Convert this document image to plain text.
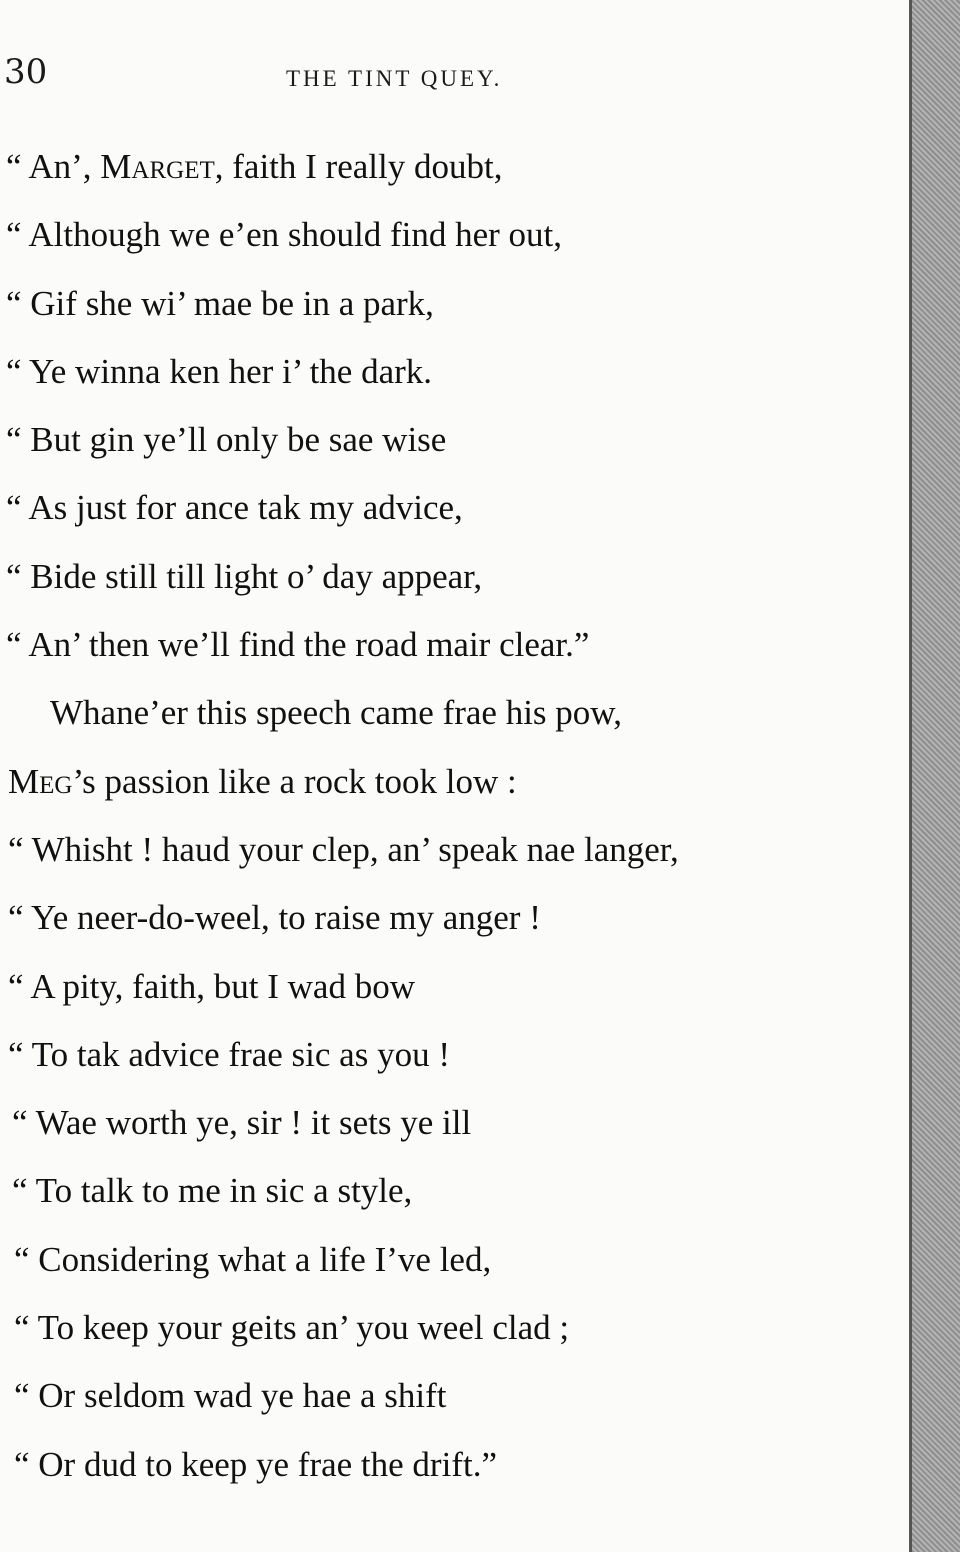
30	THE TINT QUEY.
“ An’, Marget, faith I really doubt,
“ Although we e’en should find her out,
“ Gif she wi’ mae be in a park,
“ Ye winna ken her i’ the dark.
“ But gin ye’ll only be sae wise
“ As just for ance tak my advice,
“ Bide still till light o’ day appear,
“ An’ then we’ll find the road mair clear.”
Whane’er this speech came frae his pow,
Meg’s passion like a rock took low :
“ Whisht ! haud your clep, an’ speak nae langer,
“ Ye neer-do-weel, to raise my anger !
“ A pity, faith, but I wad bow
“ To tak advice frae sic as you !
“ Wae worth ye, sir ! it sets ye ill
“ To talk to me in sic a style,
“ Considering what a life I’ve led,
“ To keep your geits an’ you weel clad ;
“ Or seldom wad ye hae a shift
“ Or dud to keep ye frae the drift.”
